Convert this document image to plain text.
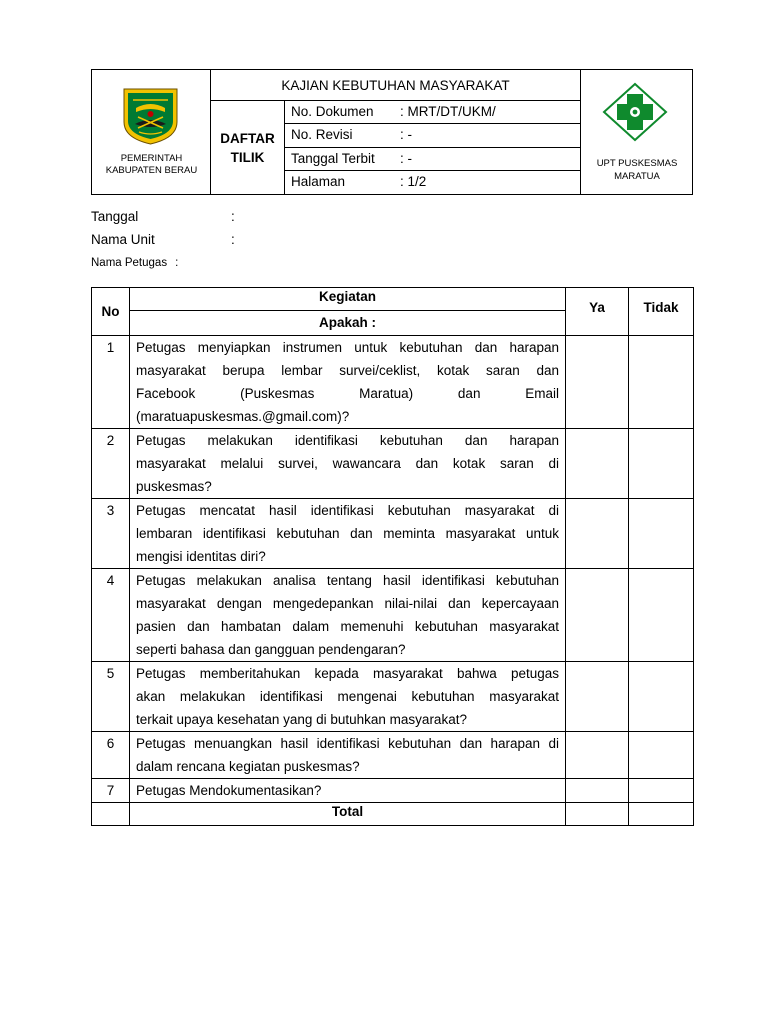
PEMERINTAH
KABUPATEN BERAU
KAJIAN KEBUTUHAN MASYARAKAT
DAFTAR
TILIK
No. Dokumen : MRT/DT/UKM/
No. Revisi	: -
Tanggal Terbit : -
Halaman	: 1/2
UPT PUSKESMAS
MARATUA
Tanggal	:
Nama Unit	:
Nama Petugas :
No	Kegiatan	Ya	Tidak
	Apakah :		
1	Petugas menyiapkan instrumen untuk kebutuhan dan harapan
masyarakat berupa lembar survei/ceklist, kotak saran dan
Facebook (Puskesmas Maratua) dan Email
(maratuapuskesmas.@gmail.com)?		

2	Petugas melakukan identifikasi kebutuhan dan harapan
masyarakat melalui survei, wawancara dan kotak saran di
puskesmas?		

3	Petugas mencatat hasil identifikasi kebutuhan masyarakat di
lembaran identifikasi kebutuhan dan meminta masyarakat untuk
mengisi identitas diri?		

4	Petugas melakukan analisa tentang hasil identifikasi kebutuhan
masyarakat dengan mengedepankan nilai-nilai dan kepercayaan
pasien dan hambatan dalam memenuhi kebutuhan masyarakat
seperti bahasa dan gangguan pendengaran?		

5	Petugas memberitahukan kepada masyarakat bahwa petugas
akan melakukan identifikasi mengenai kebutuhan masyarakat
terkait upaya kesehatan yang di butuhkan masyarakat?		

6	Petugas menuangkan hasil identifikasi kebutuhan dan harapan di
dalam rencana kegiatan puskesmas?		

7	Petugas Mendokumentasikan?		

	Total		
